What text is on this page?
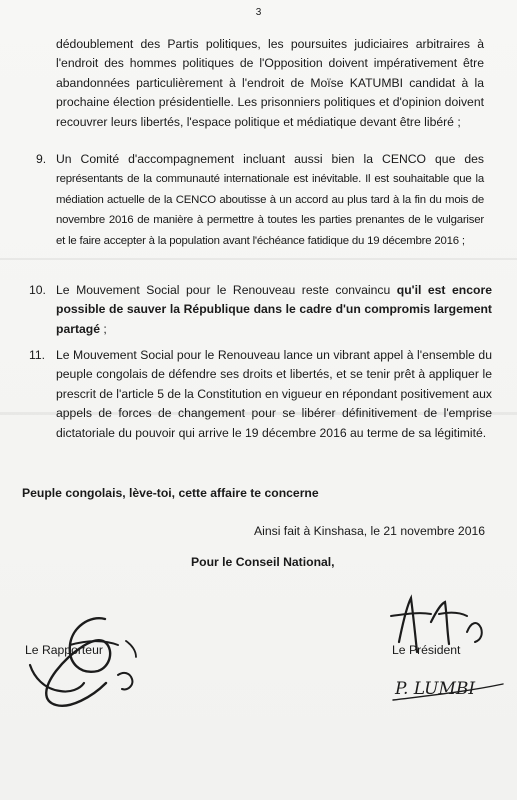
3
dédoublement des Partis politiques, les poursuites judiciaires arbitraires à l'endroit des hommes politiques de l'Opposition doivent impérativement être abandonnées particulièrement à l'endroit de Moïse KATUMBI candidat à la prochaine élection présidentielle. Les prisonniers politiques et d'opinion doivent recouvrer leurs libertés, l'espace politique et médiatique devant être libéré ;
9. Un Comité d'accompagnement incluant aussi bien la CENCO que des représentants de la communauté internationale est inévitable. Il est souhaitable que la médiation actuelle de la CENCO aboutisse à un accord au plus tard à la fin du mois de novembre 2016 de manière à permettre à toutes les parties prenantes de le vulgariser et le faire accepter à la population avant l'échéance fatidique du 19 décembre 2016 ;
10. Le Mouvement Social pour le Renouveau reste convaincu qu'il est encore possible de sauver la République dans le cadre d'un compromis largement partagé ;
11. Le Mouvement Social pour le Renouveau lance un vibrant appel à l'ensemble du peuple congolais de défendre ses droits et libertés, et se tenir prêt à appliquer le prescrit de l'article 5 de la Constitution en vigueur en répondant positivement aux appels de forces de changement pour se libérer définitivement de l'emprise dictatoriale du pouvoir qui arrive le 19 décembre 2016 au terme de sa légitimité.
Peuple congolais, lève-toi, cette affaire te concerne
Ainsi fait à Kinshasa, le 21 novembre 2016
Pour le Conseil National,
Le Rapporteur	Le Président
P. LUMBI
